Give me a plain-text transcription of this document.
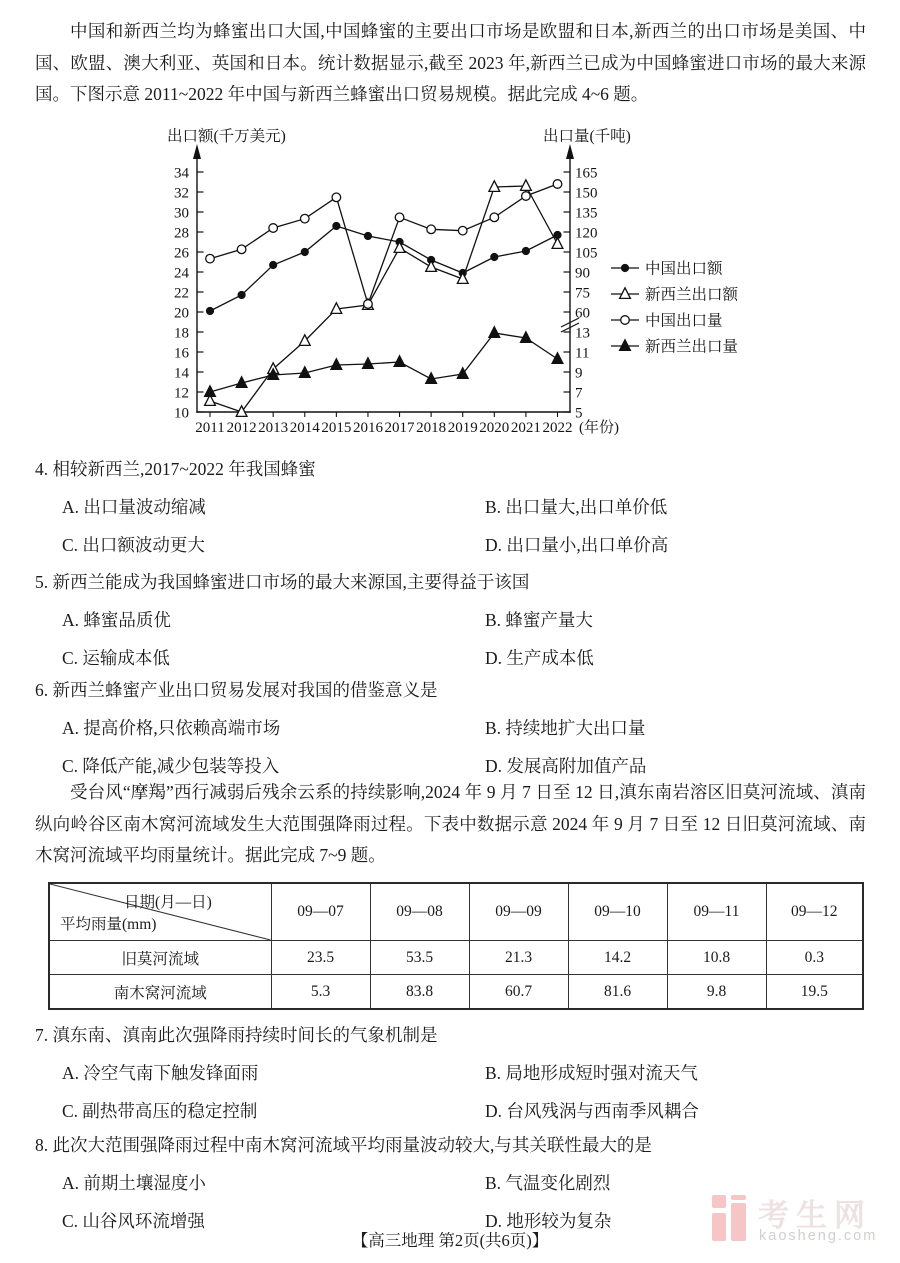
中国和新西兰均为蜂蜜出口大国,中国蜂蜜的主要出口市场是欧盟和日本,新西兰的出口市场是美国、中国、欧盟、澳大利亚、英国和日本。统计数据显示,截至 2023 年,新西兰已成为中国蜂蜜进口市场的最大来源国。下图示意 2011~2022 年中国与新西兰蜂蜜出口贸易规模。据此完成 4~6 题。

出口额(千万美元)	出口量(千吨)
34
32
30
28
26
24
22
20
18
16
14
12
10
165
150
135
120
105
90
75
60
13
11
9
7
5
2011 2012 2013 2014 2015 2016 2017 2018 2019 2020 2021 2022 (年份)
中国出口额
新西兰出口额
中国出口量
新西兰出口量
4. 相较新西兰,2017~2022 年我国蜂蜜
A. 出口量波动缩减	B. 出口量大,出口单价低
C. 出口额波动更大	D. 出口量小,出口单价高
5. 新西兰能成为我国蜂蜜进口市场的最大来源国,主要得益于该国
A. 蜂蜜品质优	B. 蜂蜜产量大
C. 运输成本低	D. 生产成本低
6. 新西兰蜂蜜产业出口贸易发展对我国的借鉴意义是
A. 提高价格,只依赖高端市场	B. 持续地扩大出口量
C. 降低产能,减少包装等投入	D. 发展高附加值产品

受台风“摩羯”西行减弱后残余云系的持续影响,2024 年 9 月 7 日至 12 日,滇东南岩溶区旧莫河流域、滇南纵向岭谷区南木窝河流域发生大范围强降雨过程。下表中数据示意 2024 年 9 月 7 日至 12 日旧莫河流域、南木窝河流域平均雨量统计。据此完成 7~9 题。

日期(月—日)
平均雨量(mm)	09—07	09—08	09—09	09—10	09—11	09—12
旧莫河流域	23.5	53.5	21.3	14.2	10.8	0.3
南木窝河流域	5.3	83.8	60.7	81.6	9.8	19.5
7. 滇东南、滇南此次强降雨持续时间长的气象机制是
A. 冷空气南下触发锋面雨	B. 局地形成短时强对流天气
C. 副热带高压的稳定控制	D. 台风残涡与西南季风耦合
8. 此次大范围强降雨过程中南木窝河流域平均雨量波动较大,与其关联性最大的是
A. 前期土壤湿度小	B. 气温变化剧烈
C. 山谷风环流增强	D. 地形较为复杂
【高三地理 第2页(共6页)】
考生网
kaosheng.com
